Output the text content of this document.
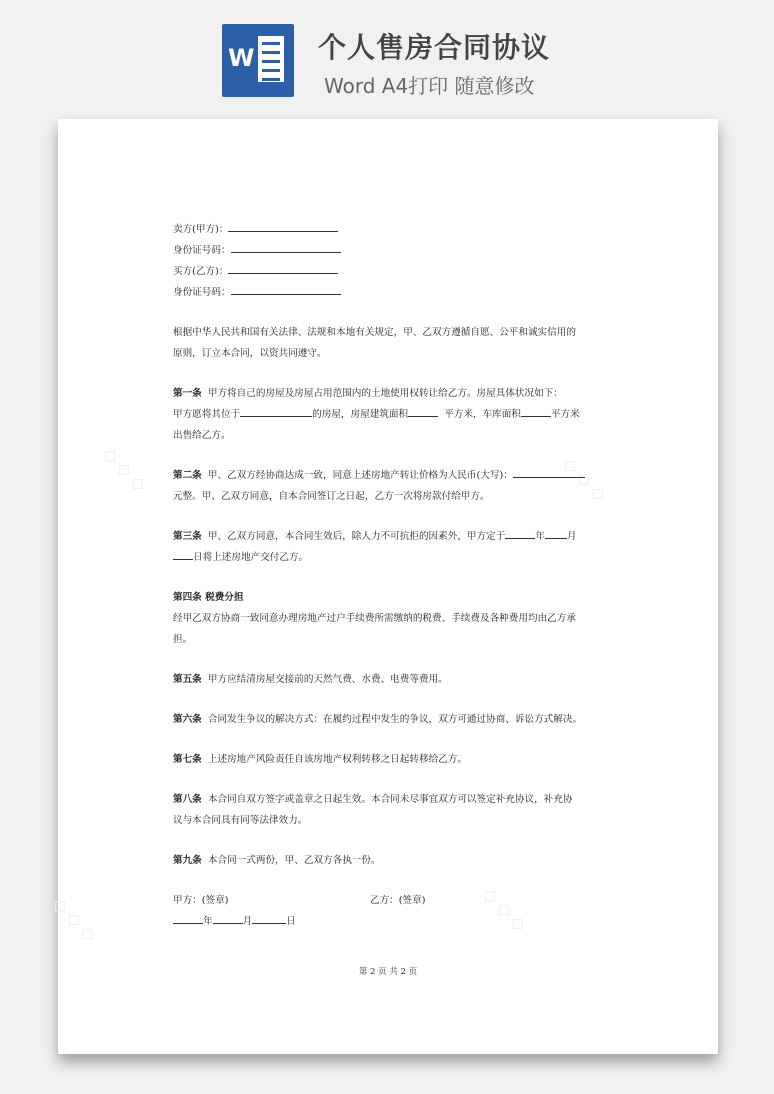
W 个人售房合同协议
Word A4打印 随意修改
◇ ◇ ◇	◇ ◇ ◇
◇ ◇ ◇	◇ ◇ ◇

卖方(甲方)：

身份证号码：

买方(乙方)：

身份证号码：

根据中华人民共和国有关法律、法规和本地有关规定，甲、乙双方遵循自愿、公平和诚实信用的

原则，订立本合同，以资共同遵守。

第一条 甲方将自己的房屋及房屋占用范围内的土地使用权转让给乙方。房屋具体状况如下：

甲方愿将其位于	的房屋，房屋建筑面积	平方米，车库面积	平方米

出售给乙方。

第二条 甲、乙双方经协商达成一致，同意上述房地产转让价格为人民币(大写)：

元整。甲、乙双方同意，自本合同签订之日起，乙方一次将房款付给甲方。

第三条 甲、乙双方同意，本合同生效后，除人力不可抗拒的因素外，甲方定于	年 月

日将上述房地产交付乙方。

第四条 税费分担

经甲乙双方协商一致同意办理房地产过户手续费所需缴纳的税费、手续费及各种费用均由乙方承

担。

第五条 甲方应结清房屋交接前的天然气费、水费、电费等费用。

第六条 合同发生争议的解决方式：在履约过程中发生的争议，双方可通过协商、诉讼方式解决。

第七条 上述房地产风险责任自该房地产权利转移之日起转移给乙方。

第八条 本合同自双方签字或盖章之日起生效。本合同未尽事宜双方可以签定补充协议，补充协

议与本合同具有同等法律效力。

第九条 本合同一式两份，甲、乙双方各执一份。

甲方：(签章)	乙方：(签章)

年	月	日

第 2 页 共 2 页
